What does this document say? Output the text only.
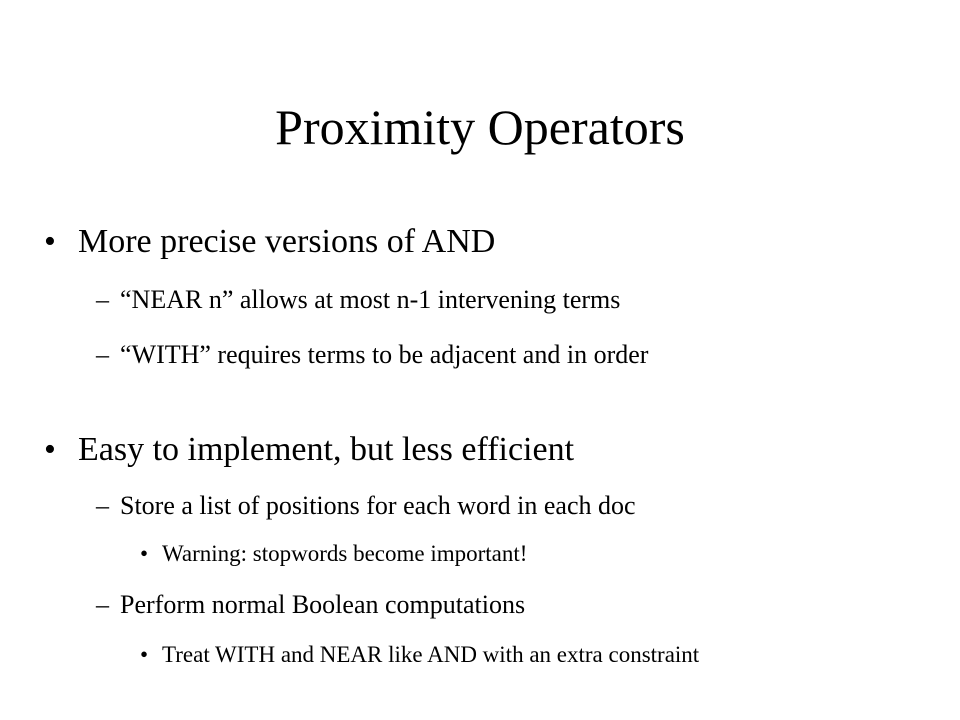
Proximity Operators
• More precise versions of AND
– “NEAR n” allows at most n-1 intervening terms
– “WITH” requires terms to be adjacent and in order
• Easy to implement, but less efficient
– Store a list of positions for each word in each doc
• Warning: stopwords become important!
– Perform normal Boolean computations
• Treat WITH and NEAR like AND with an extra constraint
